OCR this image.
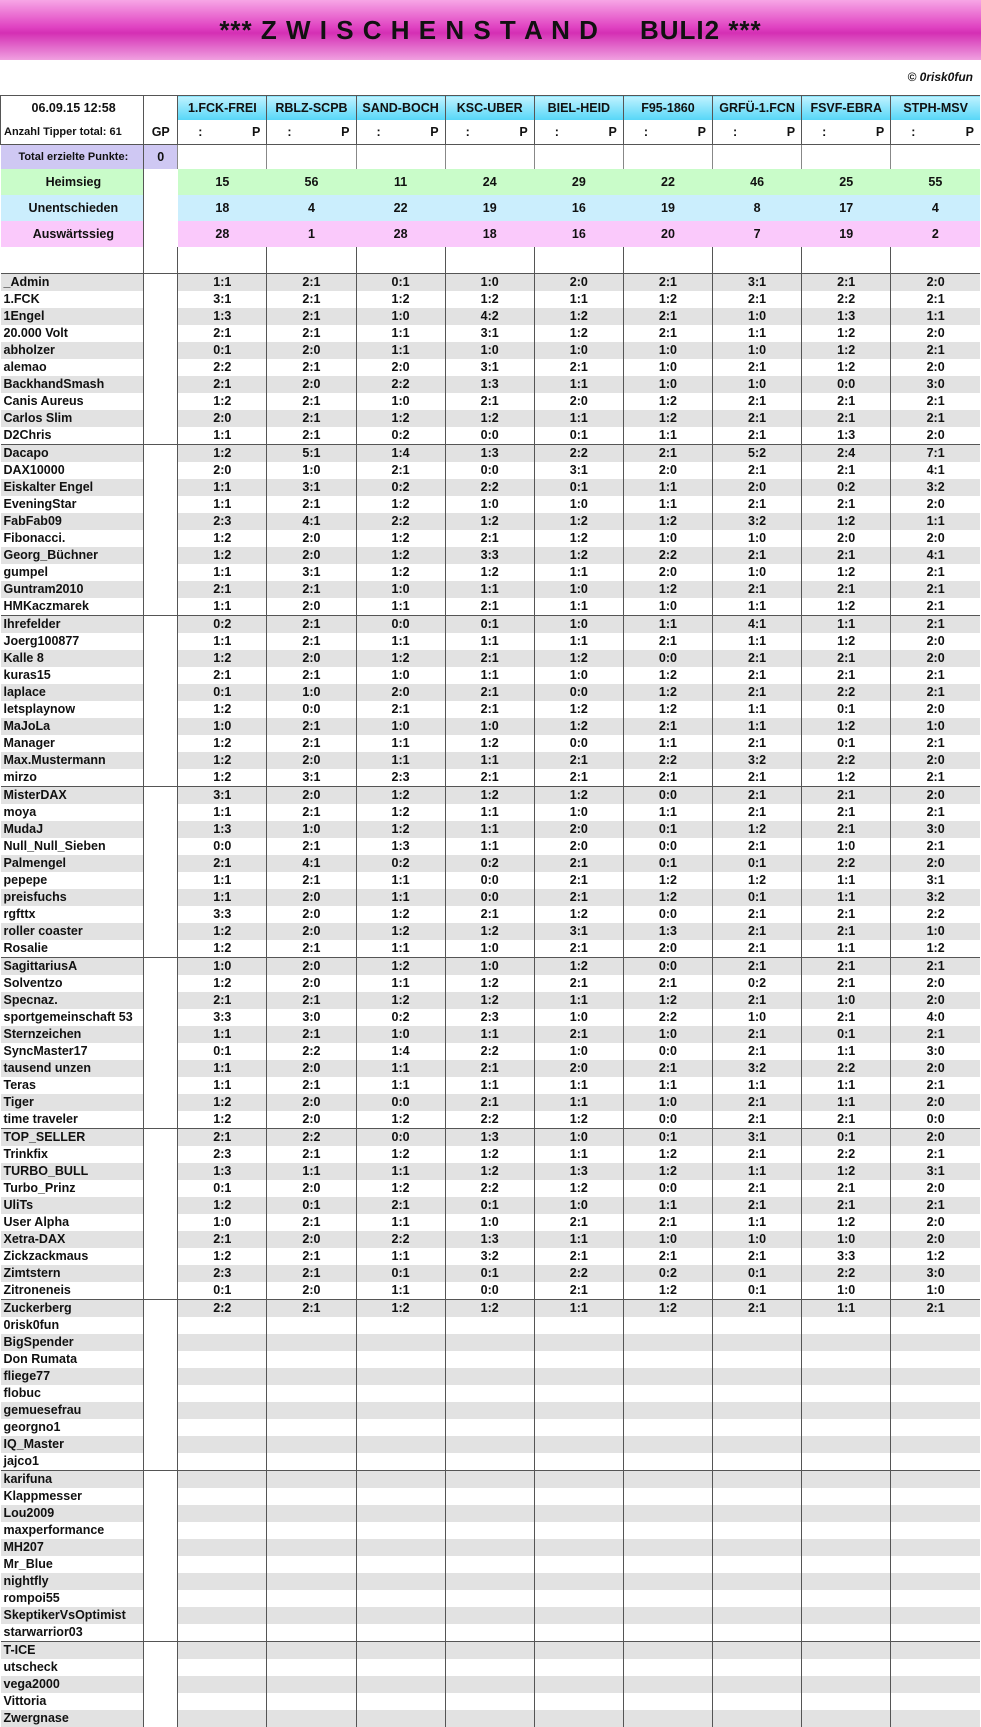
*** Z W I S C H E N S T A N D     BULI2 ***
© 0risk0fun
06.09.15 12:58		1.FCK-FREI	RBLZ-SCPB	SAND-BOCH	KSC-UBER	BIEL-HEID	F95-1860	GRFÜ-1.FCN	FSVF-EBRA	STPH-MSV
Anzahl Tipper total: 61	GP	: P	: P	: P	: P	: P	: P	: P	: P	: P

Total erzielte Punkte:	0									
Heimsieg		15	56	11	24	29	22	46	25	55
Unentschieden		18	4	22	19	16	19	8	17	4
Auswärtssieg		28	1	28	18	16	20	7	19	2

_Admin		1:1	2:1	0:1	1:0	2:0	2:1	3:1	2:1	2:0
1.FCK		3:1	2:1	1:2	1:2	1:1	1:2	2:1	2:2	2:1
1Engel		1:3	2:1	1:0	4:2	1:2	2:1	1:0	1:3	1:1
20.000 Volt		2:1	2:1	1:1	3:1	1:2	2:1	1:1	1:2	2:0
abholzer		0:1	2:0	1:1	1:0	1:0	1:0	1:0	1:2	2:1
alemao		2:2	2:1	2:0	3:1	2:1	1:0	2:1	1:2	2:0
BackhandSmash		2:1	2:0	2:2	1:3	1:1	1:0	1:0	0:0	3:0
Canis Aureus		1:2	2:1	1:0	2:1	2:0	1:2	2:1	2:1	2:1
Carlos Slim		2:0	2:1	1:2	1:2	1:1	1:2	2:1	2:1	2:1
D2Chris		1:1	2:1	0:2	0:0	0:1	1:1	2:1	1:3	2:0
Dacapo		1:2	5:1	1:4	1:3	2:2	2:1	5:2	2:4	7:1
DAX10000		2:0	1:0	2:1	0:0	3:1	2:0	2:1	2:1	4:1
Eiskalter Engel		1:1	3:1	0:2	2:2	0:1	1:1	2:0	0:2	3:2
EveningStar		1:1	2:1	1:2	1:0	1:0	1:1	2:1	2:1	2:0
FabFab09		2:3	4:1	2:2	1:2	1:2	1:2	3:2	1:2	1:1
Fibonacci.		1:2	2:0	1:2	2:1	1:2	1:0	1:0	2:0	2:0
Georg_Büchner		1:2	2:0	1:2	3:3	1:2	2:2	2:1	2:1	4:1
gumpel		1:1	3:1	1:2	1:2	1:1	2:0	1:0	1:2	2:1
Guntram2010		2:1	2:1	1:0	1:1	1:0	1:2	2:1	2:1	2:1
HMKaczmarek		1:1	2:0	1:1	2:1	1:1	1:0	1:1	1:2	2:1
Ihrefelder		0:2	2:1	0:0	0:1	1:0	1:1	4:1	1:1	2:1
Joerg100877		1:1	2:1	1:1	1:1	1:1	2:1	1:1	1:2	2:0
Kalle 8		1:2	2:0	1:2	2:1	1:2	0:0	2:1	2:1	2:0
kuras15		2:1	2:1	1:0	1:1	1:0	1:2	2:1	2:1	2:1
laplace		0:1	1:0	2:0	2:1	0:0	1:2	2:1	2:2	2:1
letsplaynow		1:2	0:0	2:1	2:1	1:2	1:2	1:1	0:1	2:0
MaJoLa		1:0	2:1	1:0	1:0	1:2	2:1	1:1	1:2	1:0
Manager		1:2	2:1	1:1	1:2	0:0	1:1	2:1	0:1	2:1
Max.Mustermann		1:2	2:0	1:1	1:1	2:1	2:2	3:2	2:2	2:0
mirzo		1:2	3:1	2:3	2:1	2:1	2:1	2:1	1:2	2:1
MisterDAX		3:1	2:0	1:2	1:2	1:2	0:0	2:1	2:1	2:0
moya		1:1	2:1	1:2	1:1	1:0	1:1	2:1	2:1	2:1
MudaJ		1:3	1:0	1:2	1:1	2:0	0:1	1:2	2:1	3:0
Null_Null_Sieben		0:0	2:1	1:3	1:1	2:0	0:0	2:1	1:0	2:1
Palmengel		2:1	4:1	0:2	0:2	2:1	0:1	0:1	2:2	2:0
pepepe		1:1	2:1	1:1	0:0	2:1	1:2	1:2	1:1	3:1
preisfuchs		1:1	2:0	1:1	0:0	2:1	1:2	0:1	1:1	3:2
rgfttx		3:3	2:0	1:2	2:1	1:2	0:0	2:1	2:1	2:2
roller coaster		1:2	2:0	1:2	1:2	3:1	1:3	2:1	2:1	1:0
Rosalie		1:2	2:1	1:1	1:0	2:1	2:0	2:1	1:1	1:2
SagittariusA		1:0	2:0	1:2	1:0	1:2	0:0	2:1	2:1	2:1
Solventzo		1:2	2:0	1:1	1:2	2:1	2:1	0:2	2:1	2:0
Specnaz.		2:1	2:1	1:2	1:2	1:1	1:2	2:1	1:0	2:0
sportgemeinschaft 53		3:3	3:0	0:2	2:3	1:0	2:2	1:0	2:1	4:0
Sternzeichen		1:1	2:1	1:0	1:1	2:1	1:0	2:1	0:1	2:1
SyncMaster17		0:1	2:2	1:4	2:2	1:0	0:0	2:1	1:1	3:0
tausend unzen		1:1	2:0	1:1	2:1	2:0	2:1	3:2	2:2	2:0
Teras		1:1	2:1	1:1	1:1	1:1	1:1	1:1	1:1	2:1
Tiger		1:2	2:0	0:0	2:1	1:1	1:0	2:1	1:1	2:0
time traveler		1:2	2:0	1:2	2:2	1:2	0:0	2:1	2:1	0:0
TOP_SELLER		2:1	2:2	0:0	1:3	1:0	0:1	3:1	0:1	2:0
Trinkfix		2:3	2:1	1:2	1:2	1:1	1:2	2:1	2:2	2:1
TURBO_BULL		1:3	1:1	1:1	1:2	1:3	1:2	1:1	1:2	3:1
Turbo_Prinz		0:1	2:0	1:2	2:2	1:2	0:0	2:1	2:1	2:0
UliTs		1:2	0:1	2:1	0:1	1:0	1:1	2:1	2:1	2:1
User Alpha		1:0	2:1	1:1	1:0	2:1	2:1	1:1	1:2	2:0
Xetra-DAX		2:1	2:0	2:2	1:3	1:1	1:0	1:0	1:0	2:0
Zickzackmaus		1:2	2:1	1:1	3:2	2:1	2:1	2:1	3:3	1:2
Zimtstern		2:3	2:1	0:1	0:1	2:2	0:2	0:1	2:2	3:0
Zitroneneis		0:1	2:0	1:1	0:0	2:1	1:2	0:1	1:0	1:0
Zuckerberg		2:2	2:1	1:2	1:2	1:1	1:2	2:1	1:1	2:1
0risk0fun										
BigSpender										
Don Rumata										
fliege77										
flobuc										
gemuesefrau										
georgno1										
IQ_Master										
jajco1										
karifuna										
Klappmesser										
Lou2009										
maxperformance										
MH207										
Mr_Blue										
nightfly										
rompoi55										
SkeptikerVsOptimist										
starwarrior03										
T-ICE										
utscheck										
vega2000										
Vittoria										
Zwergnase										
